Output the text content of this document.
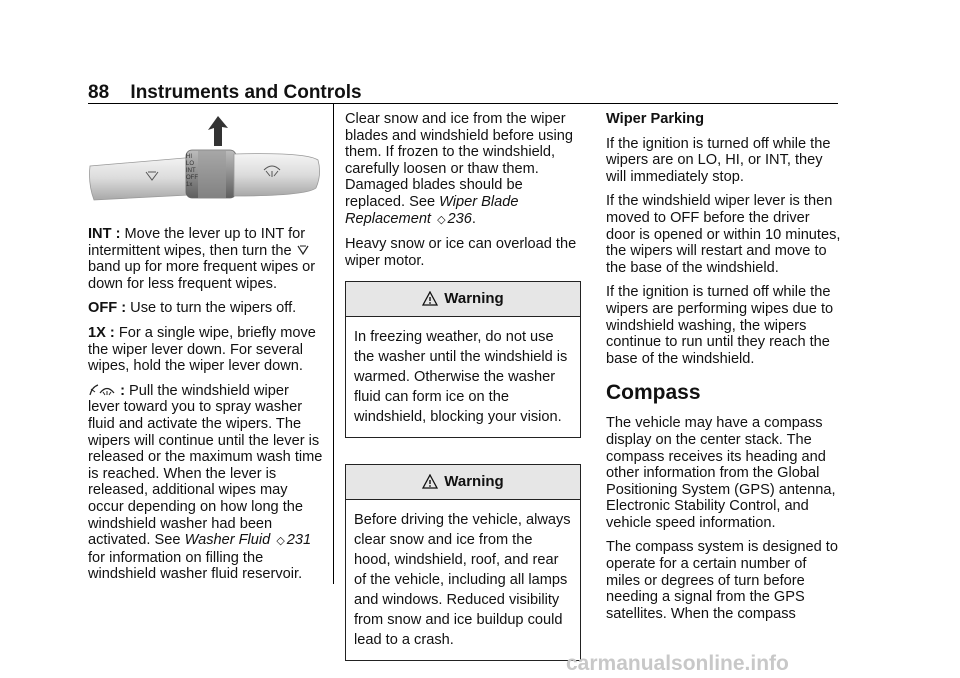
88 Instruments and Controls
HI
LO
INT
OFF
1x

INT : Move the lever up to INT for intermittent wipes, then turn the  band up for more frequent wipes or down for less frequent wipes.

OFF : Use to turn the wipers off.

1X : For a single wipe, briefly move the wiper lever down. For several wipes, hold the wiper lever down.

: Pull the windshield wiper lever toward you to spray washer fluid and activate the wipers. The wipers will continue until the lever is released or the maximum wash time is reached. When the lever is released, additional wipes may occur depending on how long the windshield washer had been activated. See Washer Fluid ◇ 231 for information on filling the windshield washer fluid reservoir.

Clear snow and ice from the wiper blades and windshield before using them. If frozen to the windshield, carefully loosen or thaw them. Damaged blades should be replaced. See Wiper Blade Replacement ◇ 236.

Heavy snow or ice can overload the wiper motor.

Warning
In freezing weather, do not use the washer until the windshield is warmed. Otherwise the washer fluid can form ice on the windshield, blocking your vision.
Warning
Before driving the vehicle, always clear snow and ice from the hood, windshield, roof, and rear of the vehicle, including all lamps and windows. Reduced visibility from snow and ice buildup could lead to a crash.
Wiper Parking

If the ignition is turned off while the wipers are on LO, HI, or INT, they will immediately stop.

If the windshield wiper lever is then moved to OFF before the driver door is opened or within 10 minutes, the wipers will restart and move to the base of the windshield.

If the ignition is turned off while the wipers are performing wipes due to windshield washing, the wipers continue to run until they reach the base of the windshield.

Compass

The vehicle may have a compass display on the center stack. The compass receives its heading and other information from the Global Positioning System (GPS) antenna, Electronic Stability Control, and vehicle speed information.

The compass system is designed to operate for a certain number of miles or degrees of turn before needing a signal from the GPS satellites. When the compass

carmanualsonline.info
